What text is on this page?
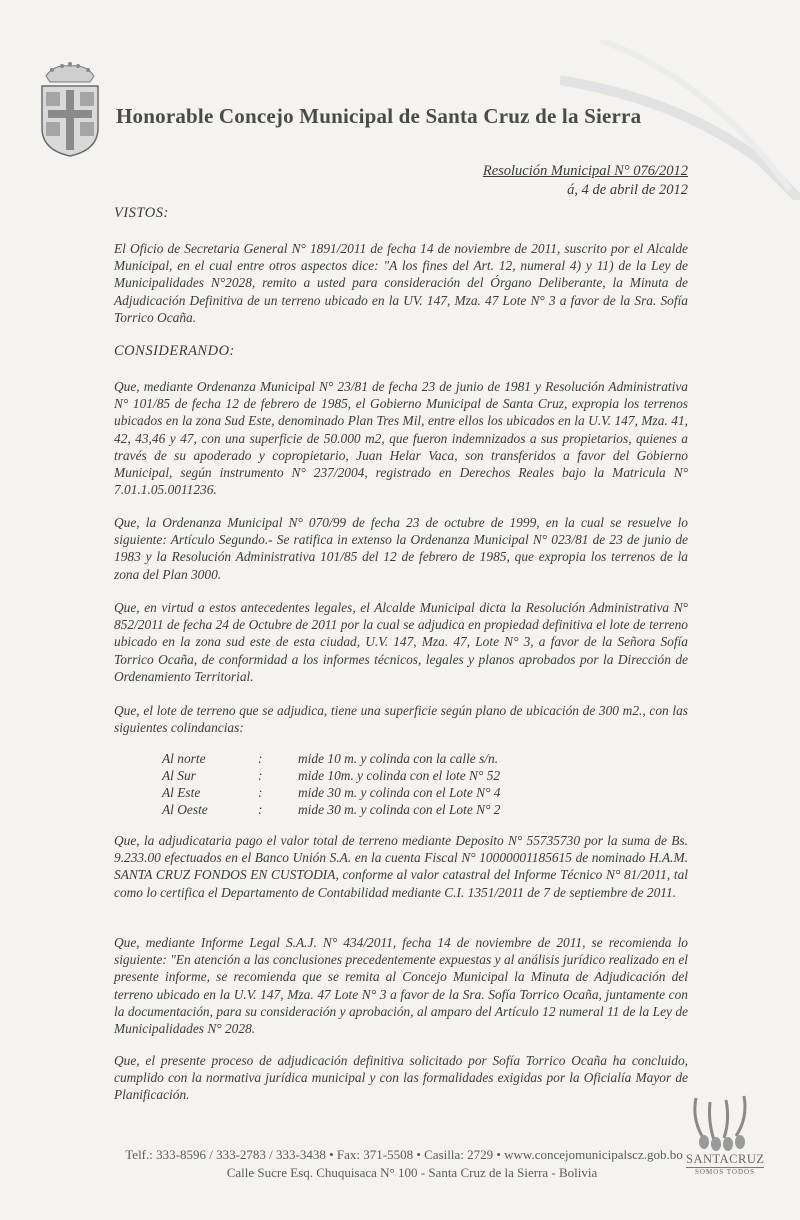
Honorable Concejo Municipal de Santa Cruz de la Sierra
Resolución Municipal N° 076/2012
á, 4 de abril de 2012
VISTOS:
El Oficio de Secretaria General N° 1891/2011 de fecha 14 de noviembre de 2011, suscrito por el Alcalde Municipal, en el cual entre otros aspectos dice: "A los fines del Art. 12, numeral 4) y 11) de la Ley de Municipalidades N°2028, remito a usted para consideración del Órgano Deliberante, la Minuta de Adjudicación Definitiva de un terreno ubicado en la UV. 147, Mza. 47 Lote N° 3 a favor de la Sra. Sofía Torrico Ocaña.
CONSIDERANDO:
Que, mediante Ordenanza Municipal N° 23/81 de fecha 23 de junio de 1981 y Resolución Administrativa N° 101/85 de fecha 12 de febrero de 1985, el Gobierno Municipal de Santa Cruz, expropia los terrenos ubicados en la zona Sud Este, denominado Plan Tres Mil, entre ellos los ubicados en la U.V. 147, Mza. 41, 42, 43,46 y 47, con una superficie de 50.000 m2, que fueron indemnizados a sus propietarios, quienes a través de su apoderado y copropietario, Juan Helar Vaca, son transferidos a favor del Gobierno Municipal, según instrumento N° 237/2004, registrado en Derechos Reales bajo la Matricula N° 7.01.1.05.0011236.
Que, la Ordenanza Municipal N° 070/99 de fecha 23 de octubre de 1999, en la cual se resuelve lo siguiente: Artículo Segundo.- Se ratifica in extenso la Ordenanza Municipal N° 023/81 de 23 de junio de 1983 y la Resolución Administrativa 101/85 del 12 de febrero de 1985, que expropia los terrenos de la zona del Plan 3000.
Que, en virtud a estos antecedentes legales, el Alcalde Municipal dicta la Resolución Administrativa N° 852/2011 de fecha 24 de Octubre de 2011 por la cual se adjudica en propiedad definitiva el lote de terreno ubicado en la zona sud este de esta ciudad, U.V. 147, Mza. 47, Lote N° 3, a favor de la Señora Sofía Torrico Ocaña, de conformidad a los informes técnicos, legales y planos aprobados por la Dirección de Ordenamiento Territorial.
Que, el lote de terreno que se adjudica, tiene una superficie según plano de ubicación de 300 m2., con las siguientes colindancias:
Al norte	:	mide 10 m. y colinda con la calle s/n.
Al Sur	:	mide 10m. y colinda con el lote N° 52
Al Este	:	mide 30 m. y colinda con el Lote N° 4
Al Oeste	:	mide 30 m. y colinda con el Lote N° 2
Que, la adjudicataria pago el valor total de terreno mediante Deposito N° 55735730 por la suma de Bs. 9.233.00 efectuados en el Banco Unión S.A. en la cuenta Fiscal N° 10000001185615 de nominado H.A.M. SANTA CRUZ FONDOS EN CUSTODIA, conforme al valor catastral del Informe Técnico N° 81/2011, tal como lo certifica el Departamento de Contabilidad mediante C.I. 1351/2011 de 7 de septiembre de 2011.
Que, mediante Informe Legal S.A.J. N° 434/2011, fecha 14 de noviembre de 2011, se recomienda lo siguiente: "En atención a las conclusiones precedentemente expuestas y al análisis jurídico realizado en el presente informe, se recomienda que se remita al Concejo Municipal la Minuta de Adjudicación del terreno ubicado en la U.V. 147, Mza. 47 Lote N° 3 a favor de la Sra. Sofía Torrico Ocaña, juntamente con la documentación, para su consideración y aprobación, al amparo del Artículo 12 numeral 11 de la Ley de Municipalidades N° 2028.
Que, el presente proceso de adjudicación definitiva solicitado por Sofía Torrico Ocaña ha concluido, cumplido con la normativa jurídica municipal y con las formalidades exigidas por la Oficialía Mayor de Planificación.
SANTACRUZ
SOMOS TODOS
Telf.: 333-8596 / 333-2783 / 333-3438 • Fax: 371-5508 • Casilla: 2729 • www.concejomunicipalscz.gob.bo
Calle Sucre Esq. Chuquisaca N° 100 - Santa Cruz de la Sierra - Bolivia
